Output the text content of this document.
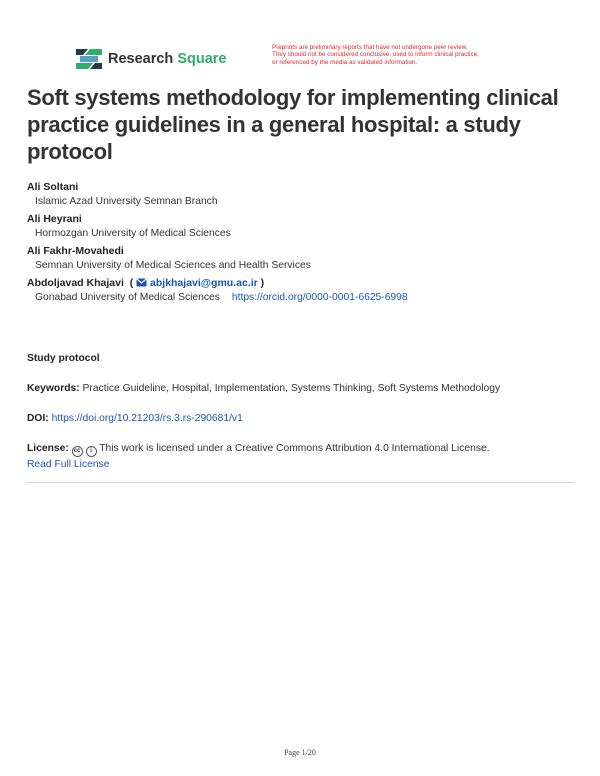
Research Square
Preprints are preliminary reports that have not undergone peer review.
They should not be considered conclusive, used to inform clinical practice,
or referenced by the media as validated information.
Soft systems methodology for implementing clinical practice guidelines in a general hospital: a study protocol
Ali Soltani
Islamic Azad University Semnan Branch
Ali Heyrani
Hormozgan University of Medical Sciences
Ali Fakhr-Movahedi
Semnan University of Medical Sciences and Health Services
Abdoljavad Khajavi  (  abjkhajavi@gmu.ac.ir )
Gonabad University of Medical Sciences https://orcid.org/0000-0001-6625-6998
Study protocol
Keywords: Practice Guideline, Hospital, Implementation, Systems Thinking, Soft Systems Methodology
DOI: https://doi.org/10.21203/rs.3.rs-290681/v1
License: cc i This work is licensed under a Creative Commons Attribution 4.0 International License.
Read Full License
Page 1/20
